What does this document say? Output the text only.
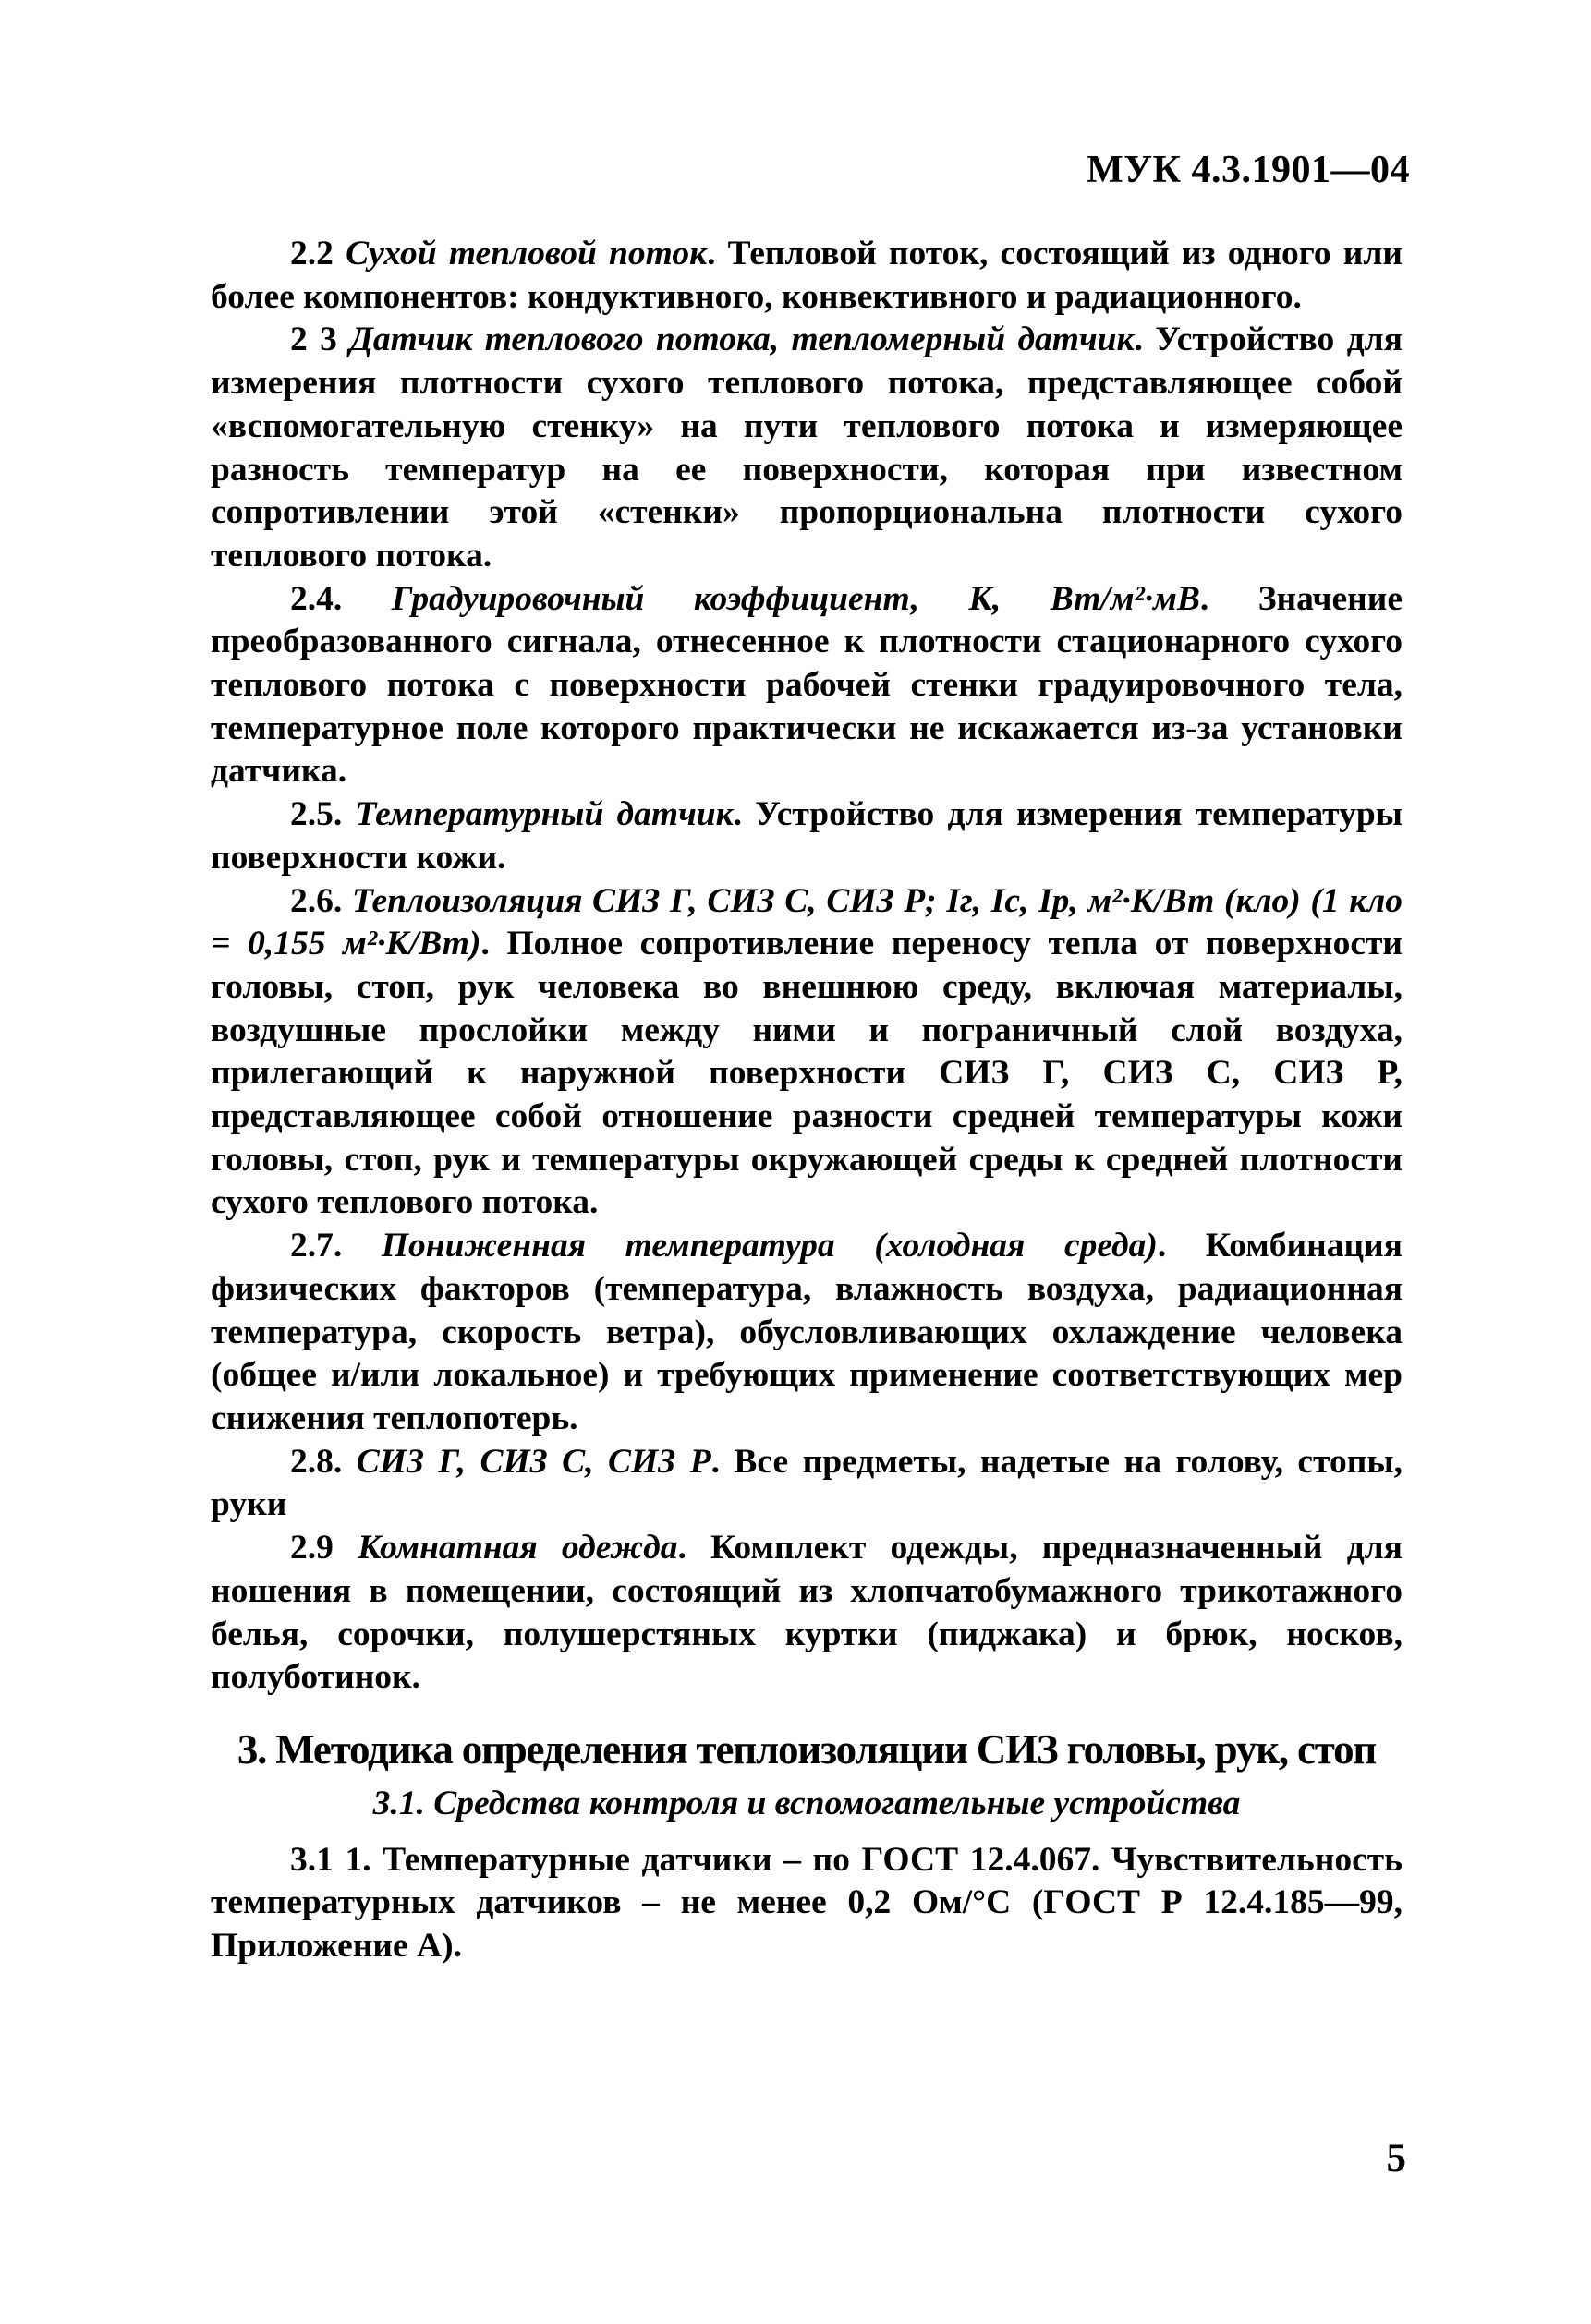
МУК 4.3.1901—04

2.2 Сухой тепловой поток. Тепловой поток, состоящий из одного или более компонентов: кондуктивного, конвективного и радиационного.

2 3 Датчик теплового потока, тепломерный датчик. Устройство для измерения плотности сухого теплового потока, представляющее собой «вспомогательную стенку» на пути теплового потока и измеряющее разность температур на ее поверхности, которая при известном сопротивлении этой «стенки» пропорциональна плотности сухого теплового потока.

2.4. Градуировочный коэффициент, К, Вт/м²·мВ. Значение преобразованного сигнала, отнесенное к плотности стационарного сухого теплового потока с поверхности рабочей стенки градуировочного тела, температурное поле которого практически не искажается из-за установки датчика.

2.5. Температурный датчик. Устройство для измерения температуры поверхности кожи.

2.6. Теплоизоляция СИЗ Г, СИЗ С, СИЗ Р; Iг, Iс, Iр, м²·К/Вт (кло) (1 кло = 0,155 м²·К/Вт). Полное сопротивление переносу тепла от поверхности головы, стоп, рук человека во внешнюю среду, включая материалы, воздушные прослойки между ними и пограничный слой воздуха, прилегающий к наружной поверхности СИЗ Г, СИЗ С, СИЗ Р, представляющее собой отношение разности средней температуры кожи головы, стоп, рук и температуры окружающей среды к средней плотности сухого теплового потока.

2.7. Пониженная температура (холодная среда). Комбинация физических факторов (температура, влажность воздуха, радиационная температура, скорость ветра), обусловливающих охлаждение человека (общее и/или локальное) и требующих применение соответствующих мер снижения теплопотерь.

2.8. СИЗ Г, СИЗ С, СИЗ Р. Все предметы, надетые на голову, стопы, руки

2.9 Комнатная одежда. Комплект одежды, предназначенный для ношения в помещении, состоящий из хлопчатобумажного трикотажного белья, сорочки, полушерстяных куртки (пиджака) и брюк, носков, полуботинок.

3. Методика определения теплоизоляции СИЗ головы, рук, стоп
3.1. Средства контроля и вспомогательные устройства

3.1 1. Температурные датчики – по ГОСТ 12.4.067. Чувствительность температурных датчиков – не менее 0,2 Ом/°С (ГОСТ Р 12.4.185—99, Приложение А).

5
